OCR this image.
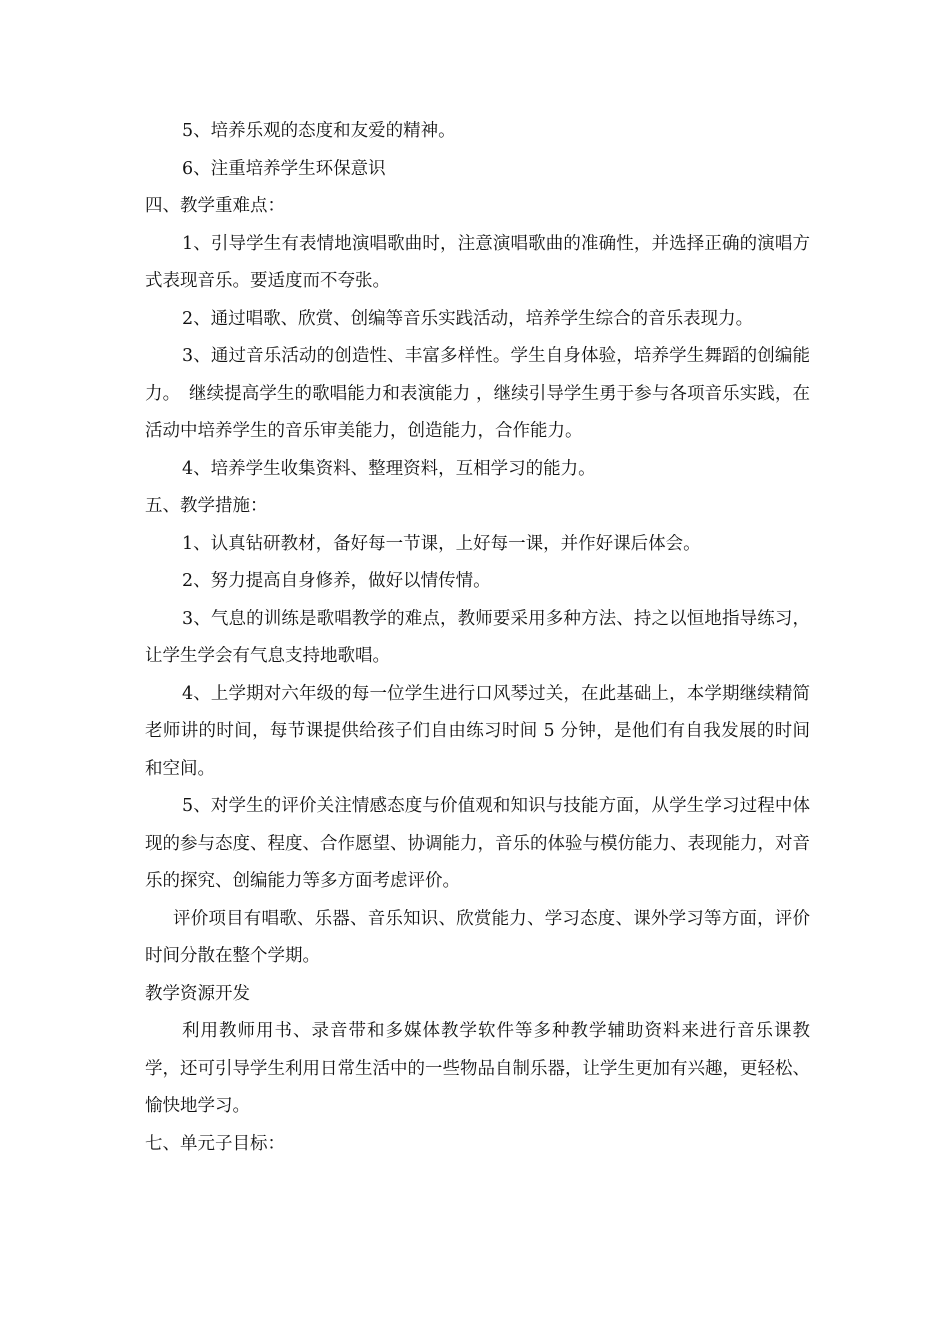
5、培养乐观的态度和友爱的精神。

6、注重培养学生环保意识

四、教学重难点：

1、引导学生有表情地演唱歌曲时，注意演唱歌曲的准确性，并选择正确的演唱方式表现音乐。要适度而不夸张。

2、通过唱歌、欣赏、创编等音乐实践活动，培养学生综合的音乐表现力。

3、通过音乐活动的创造性、丰富多样性。学生自身体验，培养学生舞蹈的创编能力。　继续提高学生的歌唱能力和表演能力 ，继续引导学生勇于参与各项音乐实践，在活动中培养学生的音乐审美能力，创造能力，合作能力。

4、培养学生收集资料、整理资料，互相学习的能力。

五、教学措施：

1、认真钻研教材，备好每一节课，上好每一课，并作好课后体会。

2、努力提高自身修养，做好以情传情。

3、气息的训练是歌唱教学的难点，教师要采用多种方法、持之以恒地指导练习，让学生学会有气息支持地歌唱。

4、上学期对六年级的每一位学生进行口风琴过关，在此基础上，本学期继续精简老师讲的时间，每节课提供给孩子们自由练习时间 5 分钟，是他们有自我发展的时间和空间。

5、对学生的评价关注情感态度与价值观和知识与技能方面，从学生学习过程中体现的参与态度、程度、合作愿望、协调能力，音乐的体验与模仿能力、表现能力，对音乐的探究、创编能力等多方面考虑评价。

评价项目有唱歌、乐器、音乐知识、欣赏能力、学习态度、课外学习等方面，评价时间分散在整个学期。

教学资源开发

利用教师用书、录音带和多媒体教学软件等多种教学辅助资料来进行音乐课教学，还可引导学生利用日常生活中的一些物品自制乐器，让学生更加有兴趣，更轻松、愉快地学习。

七、单元子目标：
